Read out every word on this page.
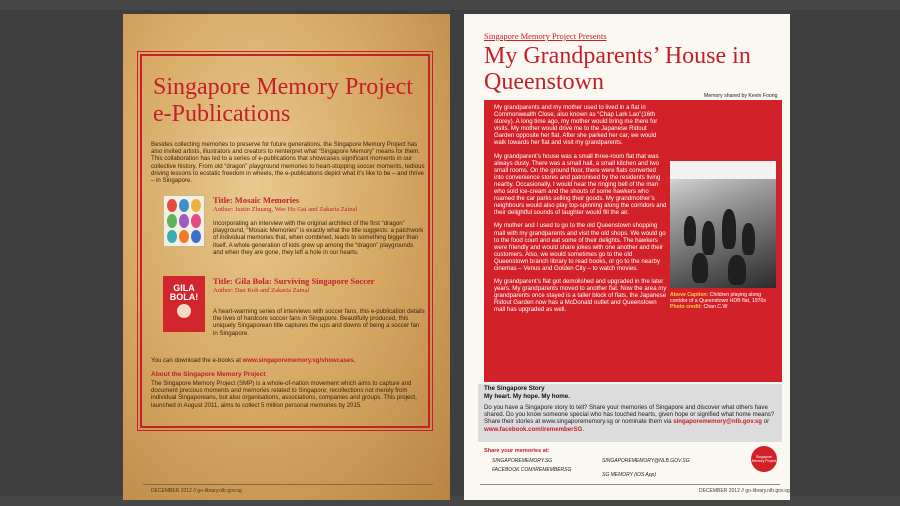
Singapore Memory Project e-Publications
Besides collecting memories to preserve for future generations, the Singapore Memory Project has also invited artists, illustrators and creators to reinterpret what “Singapore Memory” means for them. This collaboration has led to a series of e-publications that showcases significant moments in our collective history. From old “dragon” playground memories to heart-stopping soccer moments, tedious driving lessons to ecstatic freedom in wheels, the e-publications depict what it’s like to be – and thrive – in Singapore.
Title: Mosaic Memories
Author: Justin Zhuang, Wee Ho Gai and Zakaria Zainal
Incorporating an interview with the original architect of the first “dragon” playground, “Mosaic Memories” is exactly what the title suggests: a patchwork of individual memories that, when combined, leads to something bigger than itself. A whole generation of kids grew up among the “dragon” playgrounds and when they are gone, they left a hole in our hearts.
GILA BOLA!
Title: Gila Bola: Surviving Singapore Soccer
Author: Dan Koh and Zakaria Zainal
A heart-warming series of interviews with soccer fans, this e-publication details the lives of hardcore soccer fans in Singapore. Beautifully produced, this uniquely Singaporean title captures the ups and downs of being a soccer fan in Singapore.
You can download the e-books at www.singaporememory.sg/showcases.
About the Singapore Memory Project
The Singapore Memory Project (SMP) is a whole-of-nation movement which aims to capture and document precious moments and memories related to Singapore; recollections not merely from individual Singaporeans, but also organisations, associations, companies and groups. This project, launched in August 2011, aims to collect 5 million personal memories by 2015.
DECEMBER 2012 // go-library.nlb.gov.sg
Singapore Memory Project Presents
My Grandparents’ House in Queenstown
Memory shared by Kevin Foong

My grandparents and my mother used to lived in a flat in Commonwealth Close, also known as “Chap Lark Lao”(16th storey). A long time ago, my mother would bring me there for visits. My mother would drive me to the Japanese Ridout Garden opposite her flat. After she parked her car, we would walk towards her flat and visit my grandparents.

My grandparent’s house was a small three-room flat that was always dusty. There was a small hall, a small kitchen and two small rooms. On the ground floor, there were flats converted into convenience stores and patronised by the residents living nearby. Occasionally, I would hear the ringing bell of the man who sold ice-cream and the shouts of some hawkers who roamed the car parks selling their goods. My grandmother’s neighbours would also play top-spinning along the corridors and their delightful sounds of laughter would fill the air.

My mother and I used to go to the old Queenstown shopping mall with my grandparents and visit the old shops. We would go to the food court and eat some of their delights. The hawkers were friendly and would share jokes with one another and their customers. Also, we would sometimes go to the old Queenstown branch library to read books, or go to the nearby cinemas – Venus and Golden City – to watch movies.

My grandparent’s flat got demolished and upgraded in the later years. My grandparents moved to another flat. Now the area my grandparents once stayed is a taller block of flats, the Japanese Ridout Garden now has a McDonald outlet and Queenstown mall has upgraded as well.

Above Caption: Children playing along corridor of a Queenstown HDB flat, 1970s
Photo credit: Chan C.W
The Singapore Story
My heart. My hope. My home.
Do you have a Singapore story to tell? Share your memories of Singapore and discover what others have shared. Do you know someone special who has touched hearts, given hope or signified what home means? Share their stories at www.singaporememory.sg or nominate them via singaporememory@nlb.gov.sg or www.facebook.com/irememberSG.
Share your memories at:
SINGAPOREMEMORY.SG
FACEBOOK.COM/IREMEMBERSG
SINGAPOREMEMORY@NLB.GOV.SG
SG MEMORY (iOS App)
Singapore Memory Project
DECEMBER 2012 // go-library.nlb.gov.sg
